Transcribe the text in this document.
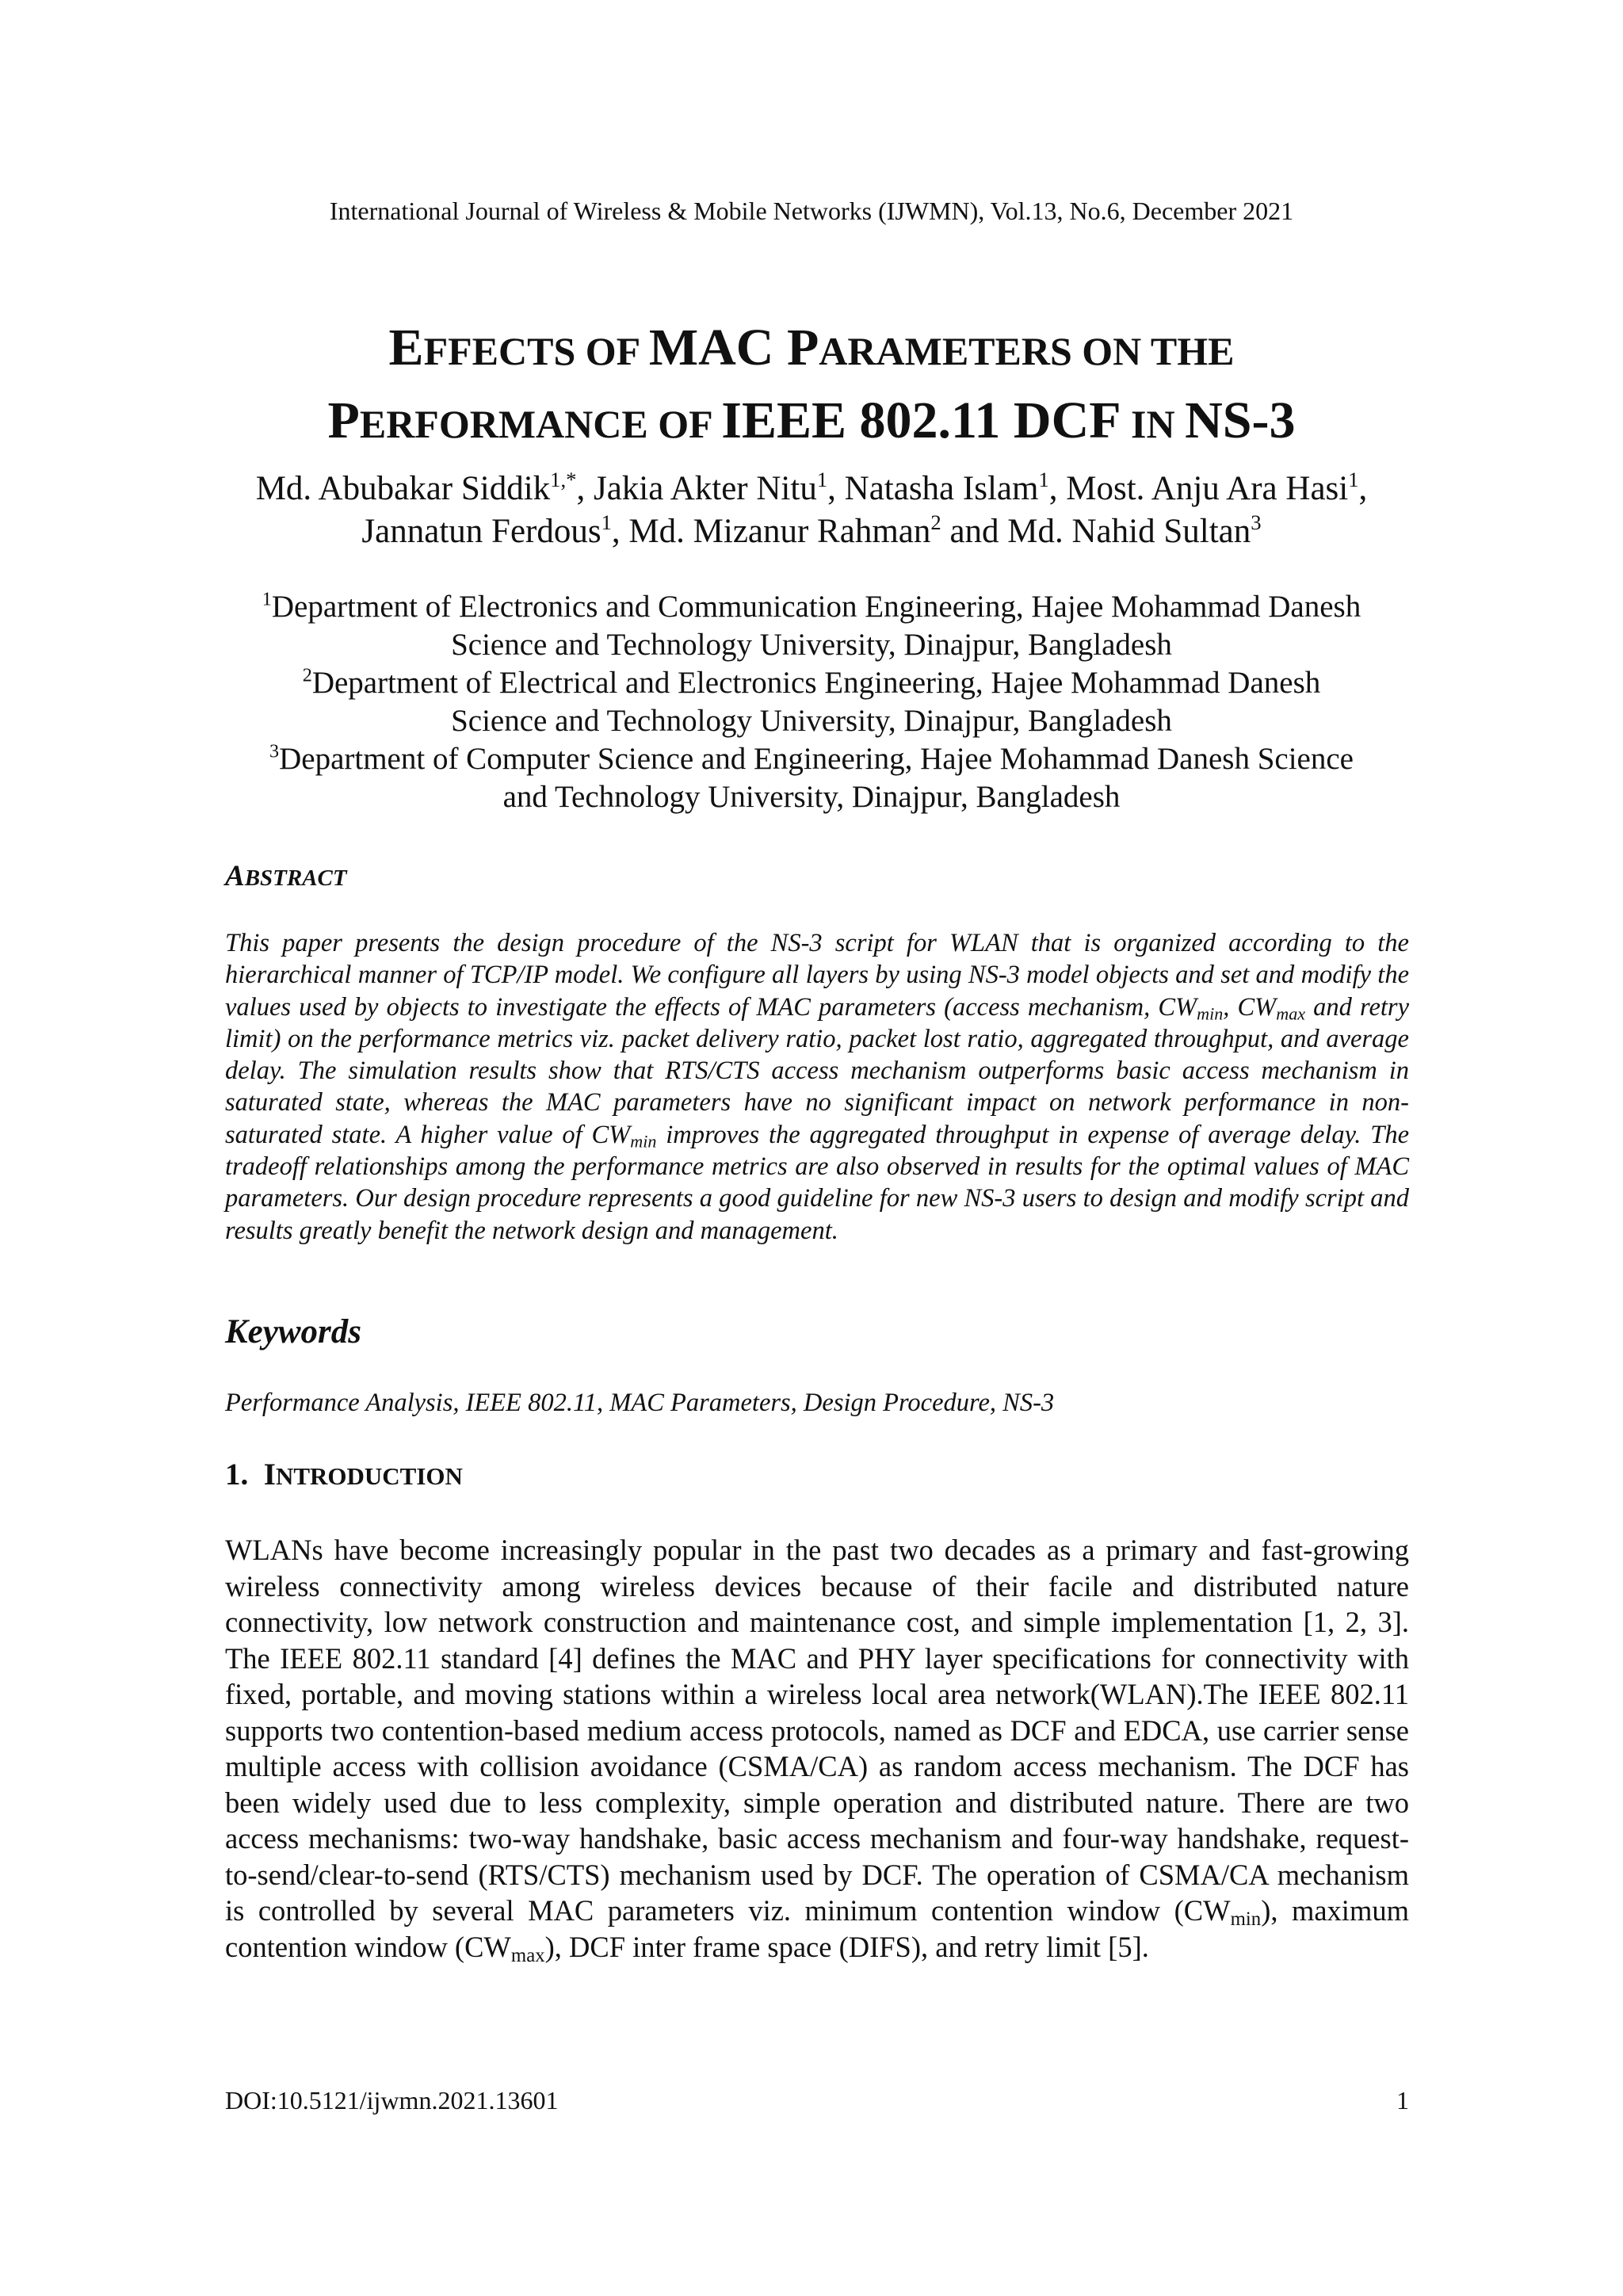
International Journal of Wireless & Mobile Networks (IJWMN), Vol.13, No.6, December 2021
EFFECTS OF MAC PARAMETERS ON THE
PERFORMANCE OF IEEE 802.11 DCF IN NS-3
Md. Abubakar Siddik$^{1,*}$, Jakia Akter Nitu$^1$, Natasha Islam$^1$, Most. Anju Ara Hasi$^1$,
Jannatun Ferdous$^1$, Md. Mizanur Rahman$^2$ and Md. Nahid Sultan$^3$
$^1$Department of Electronics and Communication Engineering, Hajee Mohammad Danesh
Science and Technology University, Dinajpur, Bangladesh
$^2$Department of Electrical and Electronics Engineering, Hajee Mohammad Danesh
Science and Technology University, Dinajpur, Bangladesh
$^3$Department of Computer Science and Engineering, Hajee Mohammad Danesh Science
and Technology University, Dinajpur, Bangladesh
ABSTRACT
This paper presents the design procedure of the NS-3 script for WLAN that is organized according to the hierarchical manner of TCP/IP model. We configure all layers by using NS-3 model objects and set and modify the values used by objects to investigate the effects of MAC parameters (access mechanism, $CW_{min}$, $CW_{max}$ and retry limit) on the performance metrics viz. packet delivery ratio, packet lost ratio, aggregated throughput, and average delay. The simulation results show that RTS/CTS access mechanism outperforms basic access mechanism in saturated state, whereas the MAC parameters have no significant impact on network performance in non-saturated state. A higher value of $CW_{min}$ improves the aggregated throughput in expense of average delay. The tradeoff relationships among the performance metrics are also observed in results for the optimal values of MAC parameters. Our design procedure represents a good guideline for new NS-3 users to design and modify script and results greatly benefit the network design and management.
Keywords
Performance Analysis, IEEE 802.11, MAC Parameters, Design Procedure, NS-3
1. INTRODUCTION
WLANs have become increasingly popular in the past two decades as a primary and fast-growing wireless connectivity among wireless devices because of their facile and distributed nature connectivity, low network construction and maintenance cost, and simple implementation [1, 2, 3]. The IEEE 802.11 standard [4] defines the MAC and PHY layer specifications for connectivity with fixed, portable, and moving stations within a wireless local area network(WLAN).The IEEE 802.11 supports two contention-based medium access protocols, named as DCF and EDCA, use carrier sense multiple access with collision avoidance (CSMA/CA) as random access mechanism. The DCF has been widely used due to less complexity, simple operation and distributed nature. There are two access mechanisms: two-way handshake, basic access mechanism and four-way handshake, request-to-send/clear-to-send (RTS/CTS) mechanism used by DCF. The operation of CSMA/CA mechanism is controlled by several MAC parameters viz. minimum contention window $(CW_{min})$, maximum contention window $(CW_{max})$, DCF inter frame space (DIFS), and retry limit [5].
DOI:10.5121/ijwmn.2021.13601	1
